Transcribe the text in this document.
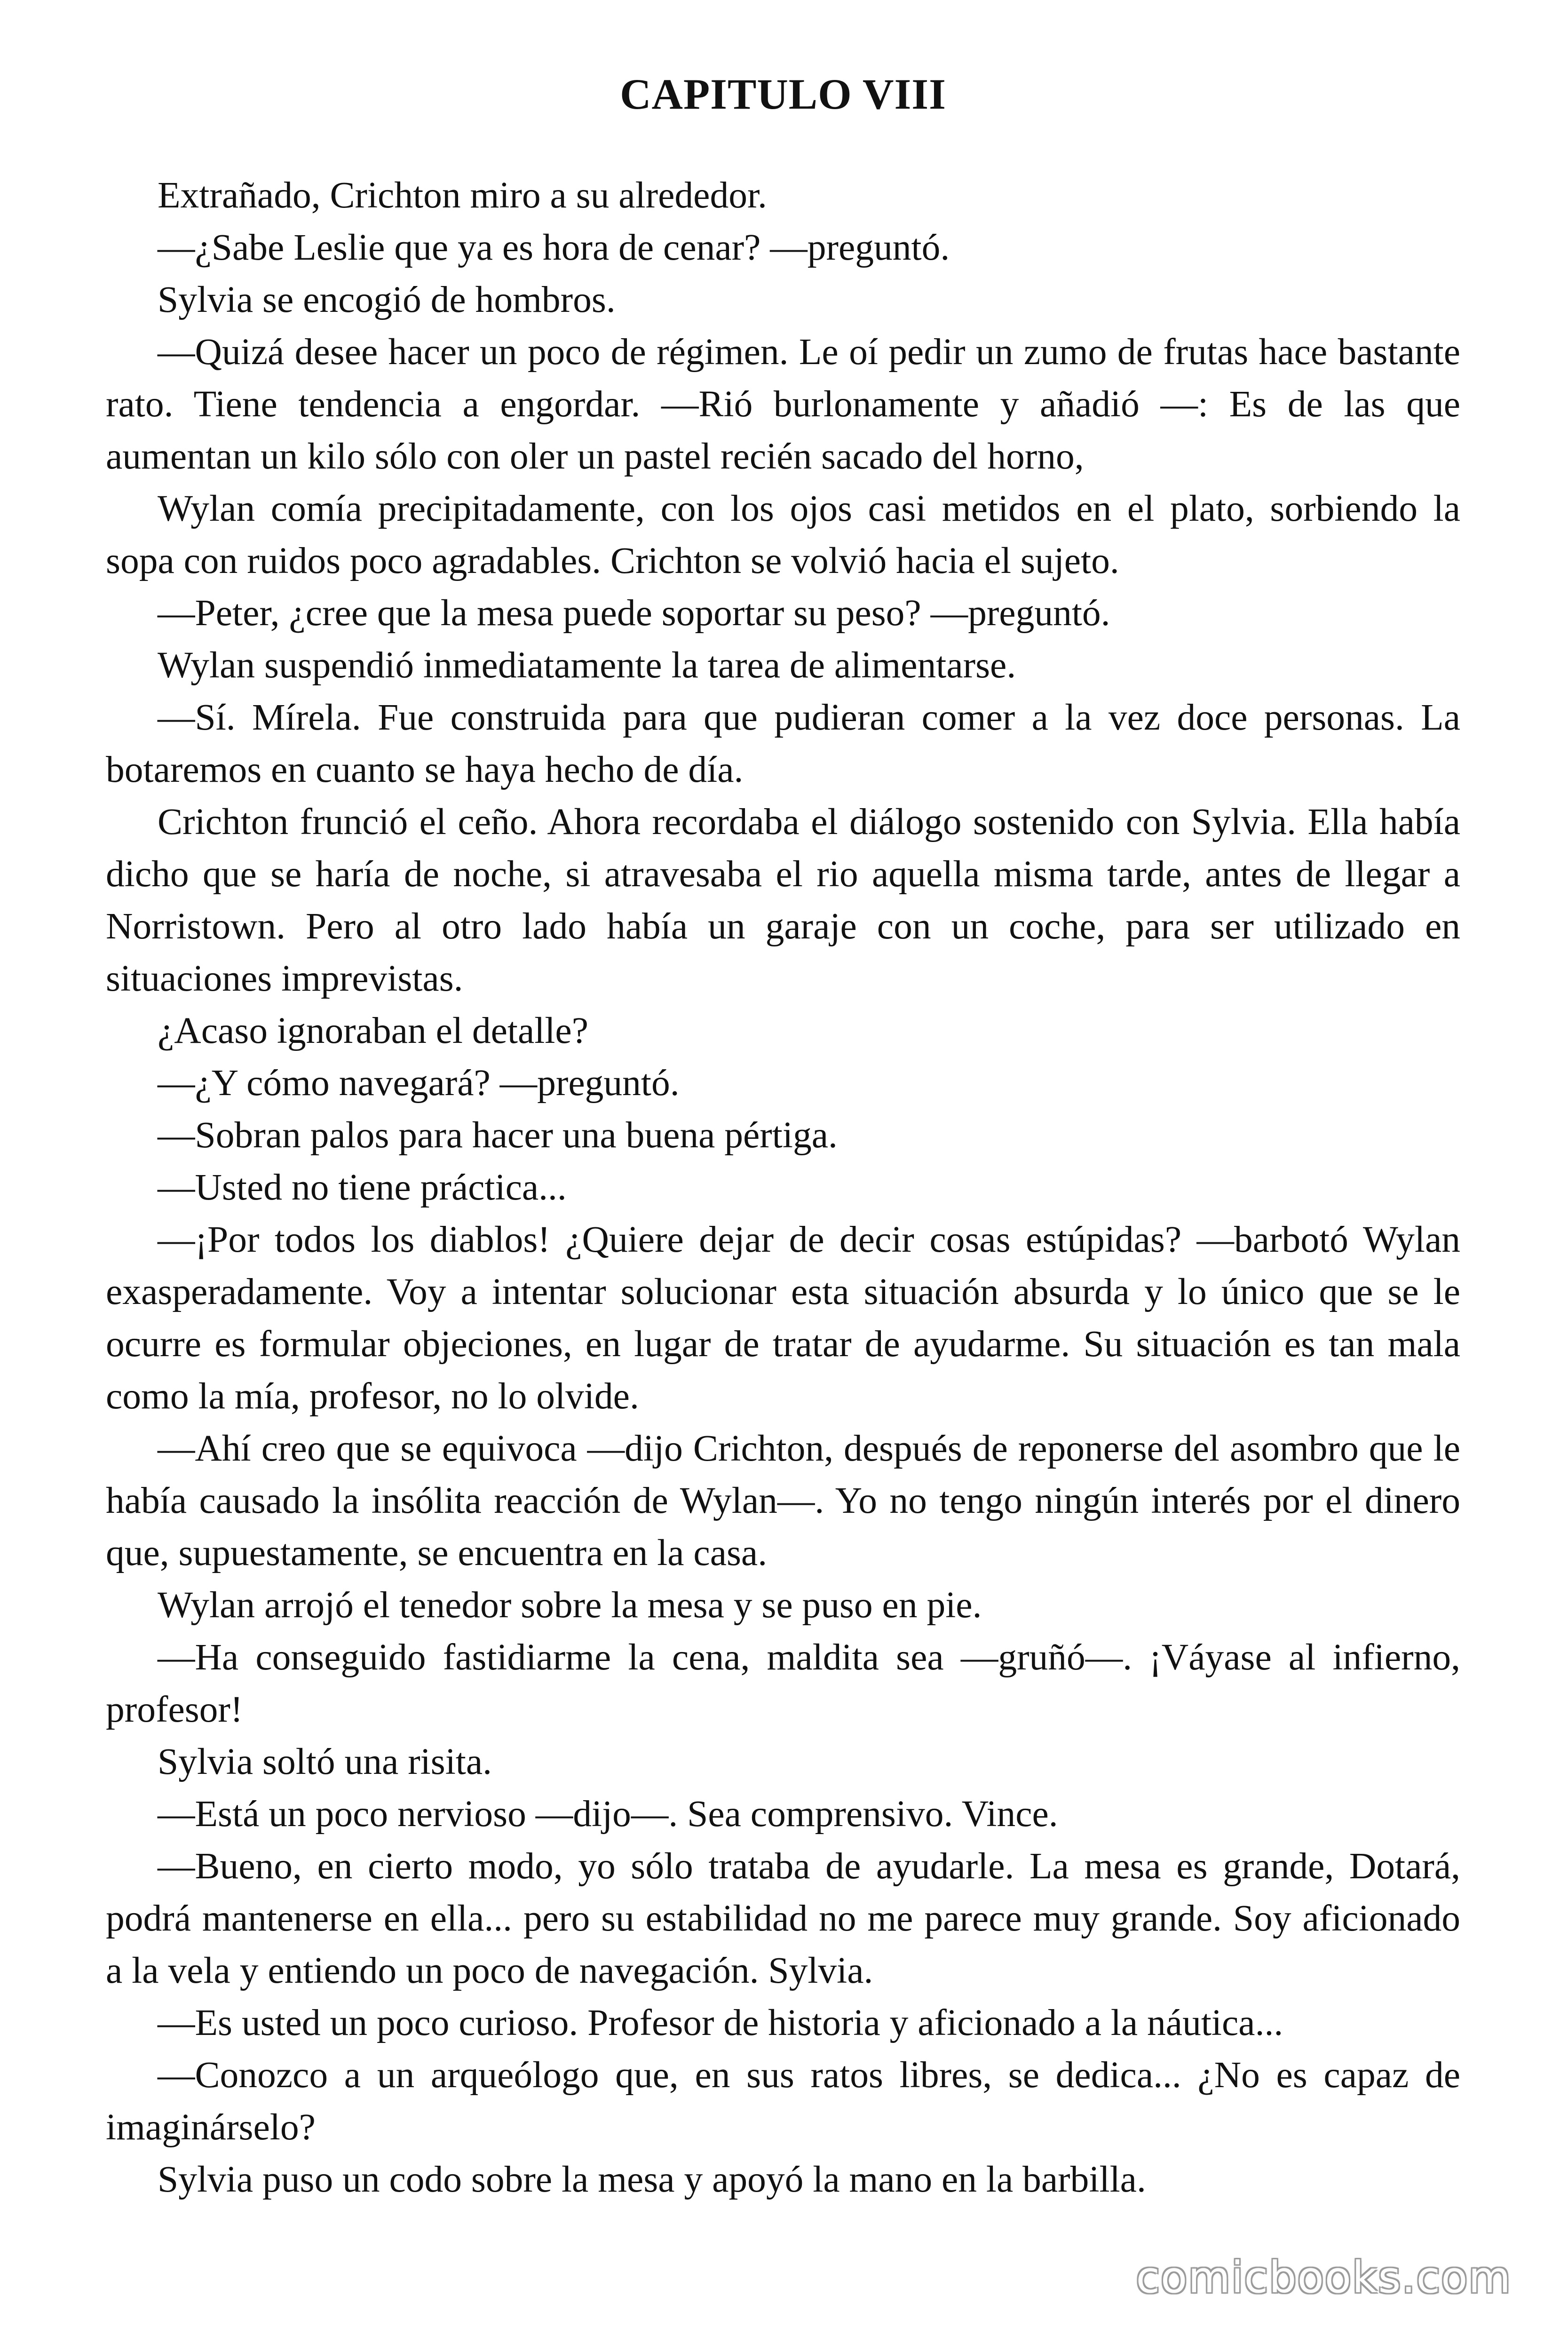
CAPITULO VIII

Extrañado, Crichton miro a su alrededor.

—¿Sabe Leslie que ya es hora de cenar? —preguntó.

Sylvia se encogió de hombros.

—Quizá desee hacer un poco de régimen. Le oí pedir un zumo de frutas hace bastante rato. Tiene tendencia a engordar. —Rió burlonamente y añadió —: Es de las que aumentan un kilo sólo con oler un pastel recién sacado del horno,

Wylan comía precipitadamente, con los ojos casi metidos en el plato, sorbiendo la sopa con ruidos poco agradables. Crichton se volvió hacia el sujeto.

—Peter, ¿cree que la mesa puede soportar su peso? —preguntó.

Wylan suspendió inmediatamente la tarea de alimentarse.

—Sí. Mírela. Fue construida para que pudieran comer a la vez doce personas. La botaremos en cuanto se haya hecho de día.

Crichton frunció el ceño. Ahora recordaba el diálogo sostenido con Sylvia. Ella había dicho que se haría de noche, si atravesaba el rio aquella misma tarde, antes de llegar a Norristown. Pero al otro lado había un garaje con un coche, para ser utilizado en situaciones imprevistas.

¿Acaso ignoraban el detalle?

—¿Y cómo navegará? —preguntó.

—Sobran palos para hacer una buena pértiga.

—Usted no tiene práctica...

—¡Por todos los diablos! ¿Quiere dejar de decir cosas estúpidas? —barbotó Wylan exasperadamente. Voy a intentar solucionar esta situación absurda y lo único que se le ocurre es formular objeciones, en lugar de tratar de ayudarme. Su situación es tan mala como la mía, profesor, no lo olvide.

—Ahí creo que se equivoca —dijo Crichton, después de reponerse del asombro que le había causado la insólita reacción de Wylan—. Yo no tengo ningún interés por el dinero que, supuestamente, se encuentra en la casa.

Wylan arrojó el tenedor sobre la mesa y se puso en pie.

—Ha conseguido fastidiarme la cena, maldita sea —gruñó—. ¡Váyase al infierno, profesor!

Sylvia soltó una risita.

—Está un poco nervioso —dijo—. Sea comprensivo. Vince.

—Bueno, en cierto modo, yo sólo trataba de ayudarle. La mesa es grande, Dotará, podrá mantenerse en ella... pero su estabilidad no me parece muy grande. Soy aficionado a la vela y entiendo un poco de navegación. Sylvia.

—Es usted un poco curioso. Profesor de historia y aficionado a la náutica...

—Conozco a un arqueólogo que, en sus ratos libres, se dedica... ¿No es capaz de imaginárselo?

Sylvia puso un codo sobre la mesa y apoyó la mano en la barbilla.

comicbooks.com
